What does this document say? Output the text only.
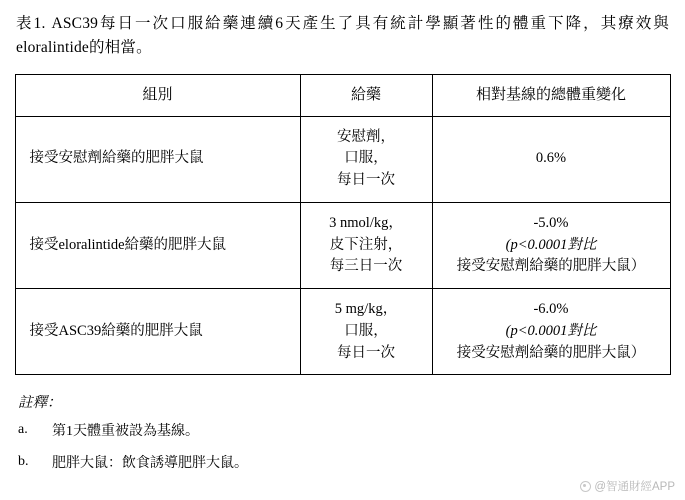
表1. ASC39每日一次口服給藥連續6天產生了具有統計學顯著性的體重下降，其療效與eloralintide的相當。

組別	給藥	相對基線的總體重變化
接受安慰劑給藥的肥胖大鼠	安慰劑，
口服，
每日一次	0.6%

接受eloralintide給藥的肥胖大鼠	3 nmol/kg，
皮下注射，
每三日一次	-5.0%
(p<0.0001對比
接受安慰劑給藥的肥胖大鼠）

接受ASC39給藥的肥胖大鼠	5 mg/kg，
口服，
每日一次	-6.0%
(p<0.0001對比
接受安慰劑給藥的肥胖大鼠）
註釋：
a.	第1天體重被設為基線。
b.	肥胖大鼠：飲食誘導肥胖大鼠。
@智通財經APP
